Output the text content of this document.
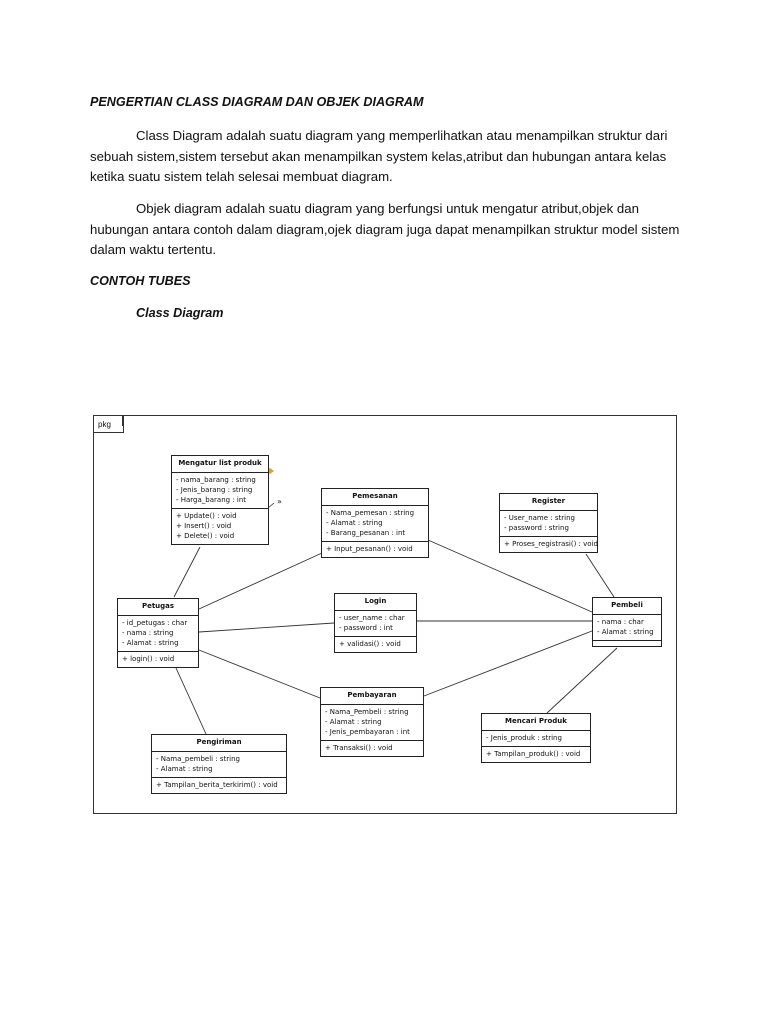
PENGERTIAN CLASS DIAGRAM DAN OBJEK DIAGRAM

Class Diagram adalah suatu diagram yang memperlihatkan atau menampilkan struktur dari sebuah sistem,sistem tersebut akan menampilkan system kelas,atribut dan hubungan antara kelas ketika suatu sistem telah selesai membuat diagram.

Objek diagram adalah suatu diagram yang berfungsi untuk mengatur atribut,objek dan hubungan antara contoh dalam diagram,ojek diagram juga dapat menampilkan struktur model sistem dalam waktu tertentu.

CONTOH TUBES
Class Diagram
pkg
»
Mengatur list produk
- nama_barang : string
- Jenis_barang : string
- Harga_barang : int
+ Update() : void
+ Insert() : void
+ Delete() : void
Pemesanan
- Nama_pemesan : string
- Alamat : string
- Barang_pesanan : int
+ Input_pesanan() : void
Register
- User_name : string
- password : string
+ Proses_registrasi() : void
Petugas
- id_petugas : char
- nama : string
- Alamat : string
+ login() : void
Login
- user_name : char
- password : int
+ validasi() : void
Pembeli
- nama : char
- Alamat : string
Pembayaran
- Nama_Pembeli : string
- Alamat : string
- Jenis_pembayaran : int
+ Transaksi() : void
Mencari Produk
- Jenis_produk : string
+ Tampilan_produk() : void
Pengiriman
- Nama_pembeli : string
- Alamat : string
+ Tampilan_berita_terkirim() : void
